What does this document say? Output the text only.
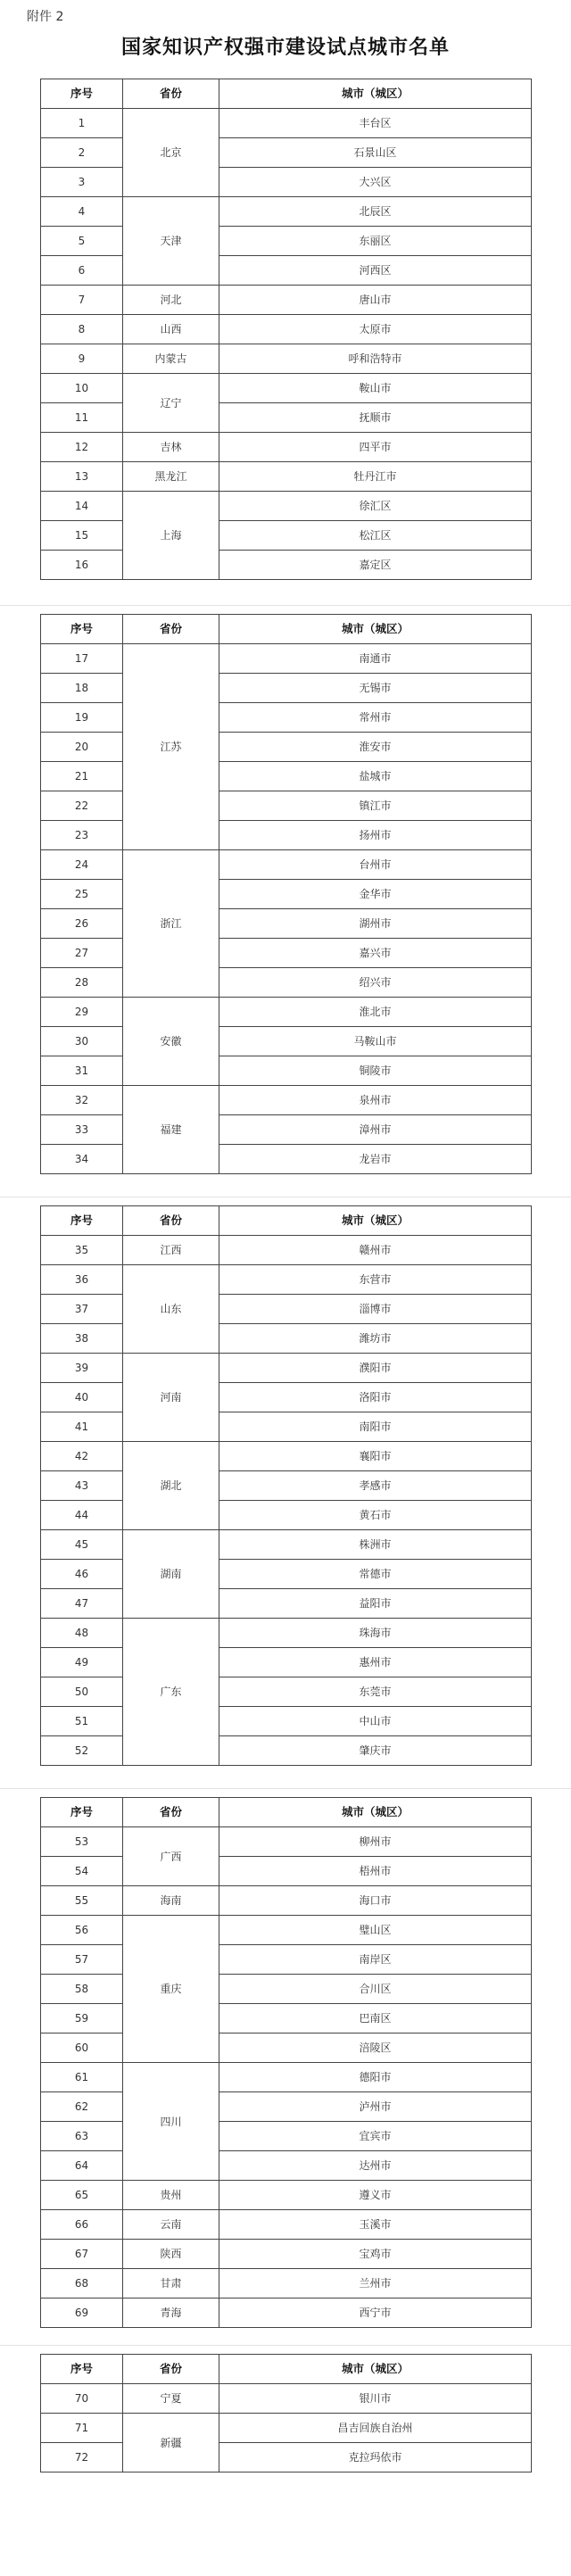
附件 2
国家知识产权强市建设试点城市名单
序号	省份	城市（城区）
1	北京	丰台区
2		石景山区
3		大兴区
4	天津	北辰区
5		东丽区
6		河西区
7	河北	唐山市
8	山西	太原市
9	内蒙古	呼和浩特市
10	辽宁	鞍山市
11		抚顺市
12	吉林	四平市
13	黑龙江	牡丹江市
14	上海	徐汇区
15		松江区
16		嘉定区
序号	省份	城市（城区）
17	江苏	南通市
18		无锡市
19		常州市
20		淮安市
21		盐城市
22		镇江市
23		扬州市
24	浙江	台州市
25		金华市
26		湖州市
27		嘉兴市
28		绍兴市
29	安徽	淮北市
30		马鞍山市
31		铜陵市
32	福建	泉州市
33		漳州市
34		龙岩市
序号	省份	城市（城区）
35	江西	赣州市
36	山东	东营市
37		淄博市
38		潍坊市
39	河南	濮阳市
40		洛阳市
41		南阳市
42	湖北	襄阳市
43		孝感市
44		黄石市
45	湖南	株洲市
46		常德市
47		益阳市
48	广东	珠海市
49		惠州市
50		东莞市
51		中山市
52		肇庆市
序号	省份	城市（城区）
53	广西	柳州市
54		梧州市
55	海南	海口市
56	重庆	璧山区
57		南岸区
58		合川区
59		巴南区
60		涪陵区
61	四川	德阳市
62		泸州市
63		宜宾市
64		达州市
65	贵州	遵义市
66	云南	玉溪市
67	陕西	宝鸡市
68	甘肃	兰州市
69	青海	西宁市
序号	省份	城市（城区）
70	宁夏	银川市
71	新疆	昌吉回族自治州
72		克拉玛依市
